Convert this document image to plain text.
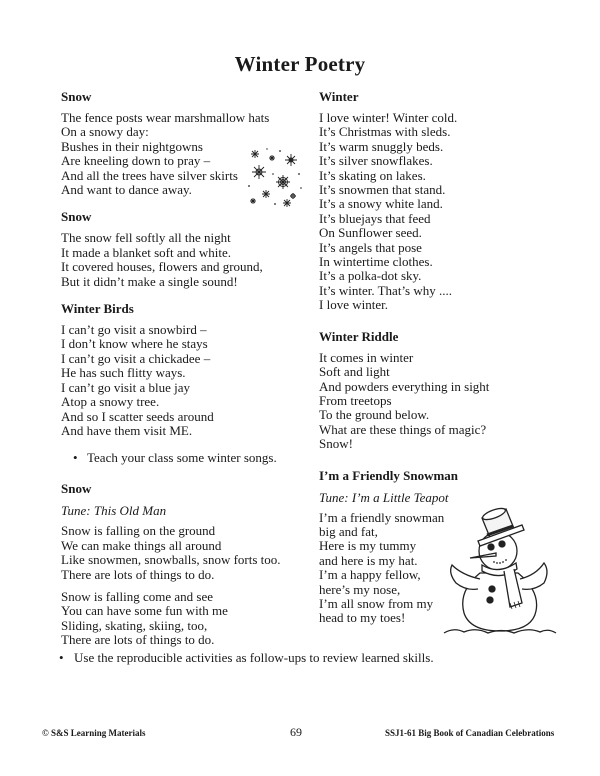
Winter Poetry
Snow
The fence posts wear marshmallow hats
On a snowy day:
Bushes in their nightgowns
Are kneeling down to pray –
And all the trees have silver skirts
And want to dance away.
Snow
The snow fell softly all the night
It made a blanket soft and white.
It covered houses, flowers and ground,
But it didn’t make a single sound!
Winter Birds
I can’t go visit a snowbird –
I don’t know where he stays
I can’t go visit a chickadee –
He has such flitty ways.
I can’t go visit a blue jay
Atop a snowy tree.
And so I scatter seeds around
And have them visit ME.
• Teach your class some winter songs.
Snow
Tune: This Old Man
Snow is falling on the ground
We can make things all around
Like snowmen, snowballs, snow forts too.
There are lots of things to do.
Snow is falling come and see
You can have some fun with me
Sliding, skating, skiing, too,
There are lots of things to do.
Winter
I love winter! Winter cold.
It’s Christmas with sleds.
It’s warm snuggly beds.
It’s silver snowflakes.
It’s skating on lakes.
It’s snowmen that stand.
It’s a snowy white land.
It’s bluejays that feed
On Sunflower seed.
It’s angels that pose
In wintertime clothes.
It’s a polka-dot sky.
It’s winter. That’s why ....
I love winter.
Winter Riddle
It comes in winter
Soft and light
And powders everything in sight
From treetops
To the ground below.
What are these things of magic?
Snow!
I’m a Friendly Snowman
Tune: I’m a Little Teapot
I’m a friendly snowman
big and fat,
Here is my tummy
and here is my hat.
I’m a happy fellow,
here’s my nose,
I’m all snow from my
head to my toes!
• Use the reproducible activities as follow-ups to review learned skills.
© S&S Learning Materials	69	SSJ1-61 Big Book of Canadian Celebrations
